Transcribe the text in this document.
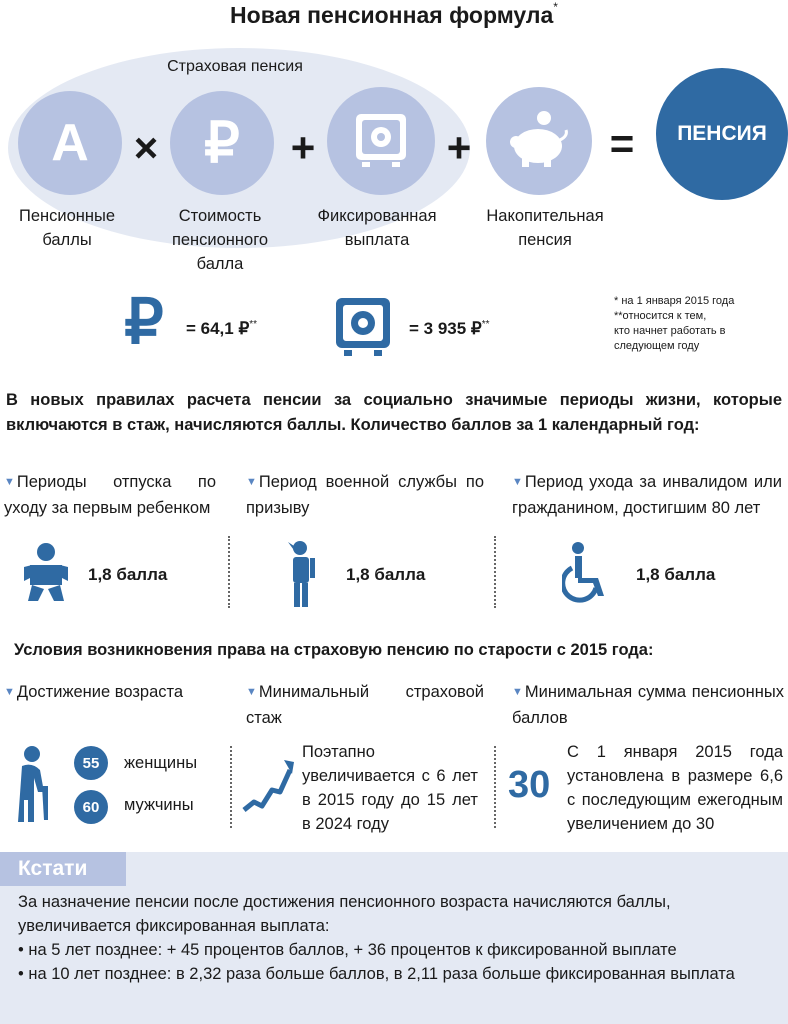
Новая пенсионная формула*
Страховая пенсия
А × ₽ +	+	=	ПЕНСИЯ
Пенсионные
баллы
Стоимость
пенсионного
балла
Фиксированная
выплата
Накопительная
пенсия
₽ = 64,1 ₽**	= 3 935 ₽**
* на 1 января 2015 года
**относится к тем,
кто начнет работать в
следующем году
В новых правилах расчета пенсии за социально значимые периоды жизни, которые включаются в стаж, начисляются баллы. Количество баллов за 1 календарный год:
▼ Периоды отпуска по уходу за первым ребенком
▼ Период военной службы по призыву
▼ Период ухода за инвалидом или гражданином, достигшим 80 лет
1,8 балла	1,8 балла	1,8 балла
Условия возникновения права на страховую пенсию по старости с 2015 года:
▼ Достижение возраста	▼ Минимальный страховой стаж
▼ Минимальная сумма пенсионных баллов
55	женщины
60	мужчины
Поэтапно увеличивается с 6 лет в 2015 году до 15 лет в 2024 году
30
С 1 января 2015 года установлена в размере 6,6 с последующим ежегодным увеличением до 30
Кстати
За назначение пенсии после достижения пенсионного возраста начисляются баллы, увеличивается фиксированная выплата:
• на 5 лет позднее: + 45 процентов баллов, + 36 процентов к фиксированной выплате
• на 10 лет позднее: в 2,32 раза больше баллов, в 2,11 раза больше фиксированная выплата
